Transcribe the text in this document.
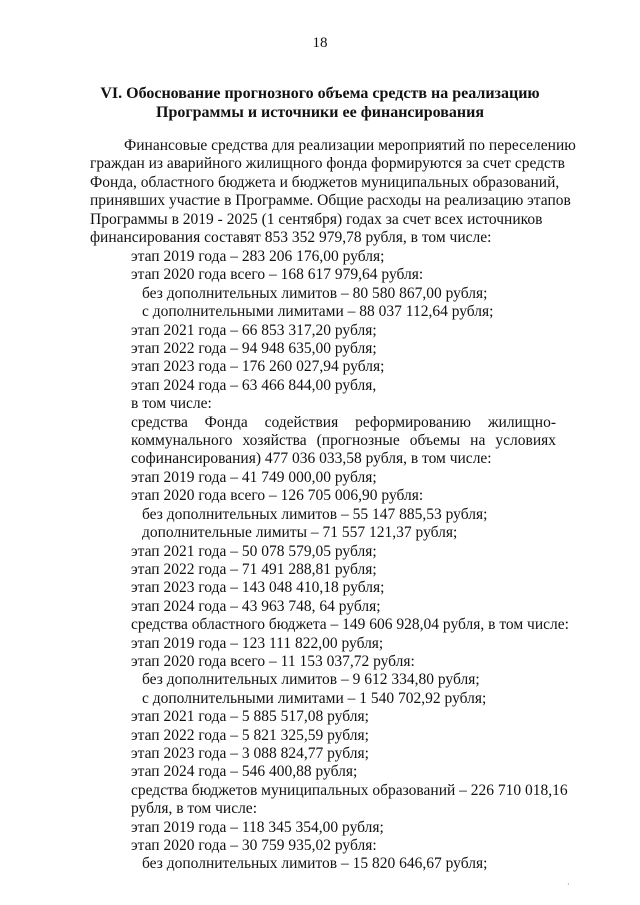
18
VI. Обоснование прогнозного объема средств на реализацию
Программы и источники ее финансирования
Финансовые средства для реализации мероприятий по переселению
граждан из аварийного жилищного фонда формируются за счет средств
Фонда, областного бюджета и бюджетов муниципальных образований,
принявших участие в Программе. Общие расходы на реализацию этапов
Программы в 2019 - 2025 (1 сентября) годах за счет всех источников
финансирования составят 853 352 979,78 рубля, в том числе:
этап 2019 года – 283 206 176,00 рубля;
этап 2020 года всего – 168 617 979,64 рубля:
без дополнительных лимитов – 80 580 867,00 рубля;
с дополнительными лимитами – 88 037 112,64 рубля;
этап 2021 года – 66 853 317,20 рубля;
этап 2022 года – 94 948 635,00 рубля;
этап 2023 года – 176 260 027,94 рубля;
этап 2024 года – 63 466 844,00 рубля,
в том числе:
средства Фонда содействия реформированию жилищно-
коммунального хозяйства (прогнозные объемы на условиях
софинансирования) 477 036 033,58 рубля, в том числе:
этап 2019 года – 41 749 000,00 рубля;
этап 2020 года всего – 126 705 006,90 рубля:
без дополнительных лимитов – 55 147 885,53 рубля;
дополнительные лимиты – 71 557 121,37 рубля;
этап 2021 года – 50 078 579,05 рубля;
этап 2022 года – 71 491 288,81 рубля;
этап 2023 года – 143 048 410,18 рубля;
этап 2024 года – 43 963 748, 64 рубля;
средства областного бюджета – 149 606 928,04 рубля, в том числе:
этап 2019 года – 123 111 822,00 рубля;
этап 2020 года всего – 11 153 037,72 рубля:
без дополнительных лимитов – 9 612 334,80 рубля;
с дополнительными лимитами – 1 540 702,92 рубля;
этап 2021 года – 5 885 517,08 рубля;
этап 2022 года – 5 821 325,59 рубля;
этап 2023 года – 3 088 824,77 рубля;
этап 2024 года – 546 400,88 рубля;
средства бюджетов муниципальных образований – 226 710 018,16
рубля, в том числе:
этап 2019 года – 118 345 354,00 рубля;
этап 2020 года – 30 759 935,02 рубля:
без дополнительных лимитов – 15 820 646,67 рубля;
·
